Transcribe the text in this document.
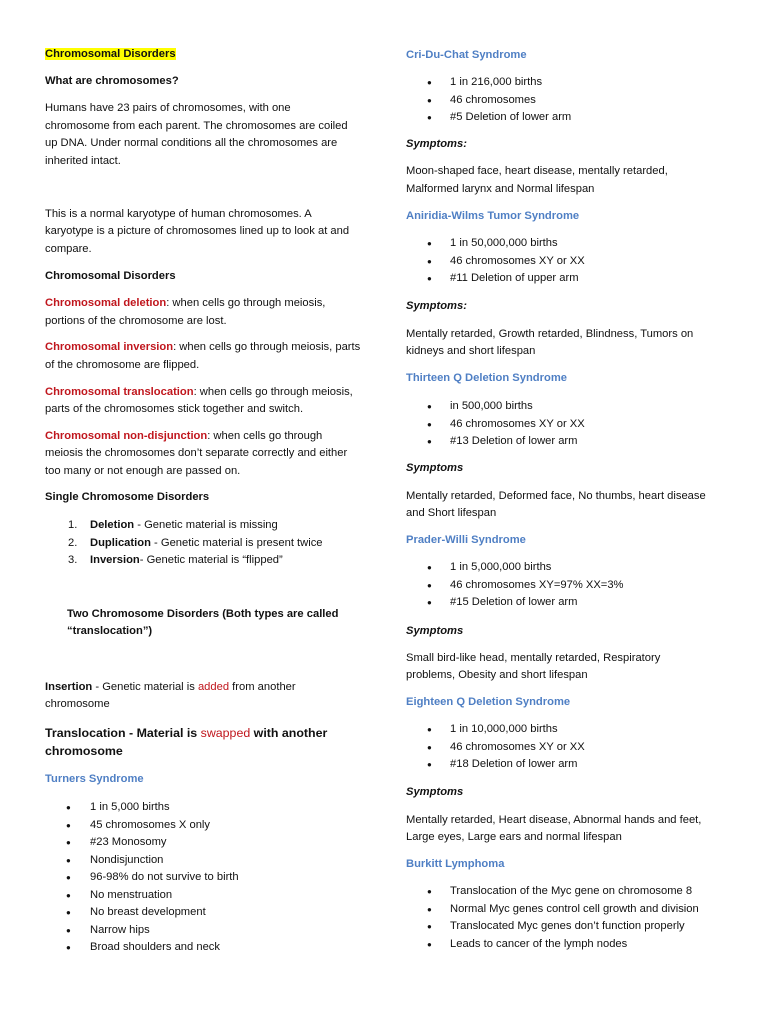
Chromosomal Disorders

What are chromosomes?

Humans have 23 pairs of chromosomes, with one

chromosome from each parent. The chromosomes are coiled

up DNA. Under normal conditions all the chromosomes are

inherited intact.

This is a normal karyotype of human chromosomes. A

karyotype is a picture of chromosomes lined up to look at and

compare.

Chromosomal Disorders

Chromosomal deletion: when cells go through meiosis,

portions of the chromosome are lost.

Chromosomal inversion: when cells go through meiosis, parts

of the chromosome are flipped.

Chromosomal translocation: when cells go through meiosis,

parts of the chromosomes stick together and switch.

Chromosomal non-disjunction: when cells go through

meiosis the chromosomes don’t separate correctly and either

too many or not enough are passed on.

Single Chromosome Disorders

1. Deletion - Genetic material is missing
2. Duplication - Genetic material is present twice
3. Inversion- Genetic material is “flipped”

Two Chromosome Disorders (Both types are called

“translocation”)

Insertion - Genetic material is added from another

chromosome

Translocation - Material is swapped with another

chromosome

Turners Syndrome

● 1 in 5,000 births
● 45 chromosomes X only
● #23 Monosomy
● Nondisjunction
● 96-98% do not survive to birth
● No menstruation
● No breast development
● Narrow hips
● Broad shoulders and neck

Cri-Du-Chat Syndrome

● 1 in 216,000 births
● 46 chromosomes
● #5 Deletion of lower arm

Symptoms:

Moon-shaped face, heart disease, mentally retarded,

Malformed larynx and Normal lifespan

Aniridia-Wilms Tumor Syndrome

● 1 in 50,000,000 births
● 46 chromosomes XY or XX
● #11 Deletion of upper arm

Symptoms:

Mentally retarded, Growth retarded, Blindness, Tumors on

kidneys and short lifespan

Thirteen Q Deletion Syndrome

● in 500,000 births
● 46 chromosomes XY or XX
● #13 Deletion of lower arm

Symptoms

Mentally retarded, Deformed face, No thumbs, heart disease

and Short lifespan

Prader-Willi Syndrome

● 1 in 5,000,000 births
● 46 chromosomes XY=97% XX=3%
● #15 Deletion of lower arm

Symptoms

Small bird-like head, mentally retarded, Respiratory

problems, Obesity and short lifespan

Eighteen Q Deletion Syndrome

● 1 in 10,000,000 births
● 46 chromosomes XY or XX
● #18 Deletion of lower arm

Symptoms

Mentally retarded, Heart disease, Abnormal hands and feet,

Large eyes, Large ears and normal lifespan

Burkitt Lymphoma

● Translocation of the Myc gene on chromosome 8
● Normal Myc genes control cell growth and division
● Translocated Myc genes don’t function properly
● Leads to cancer of the lymph nodes
